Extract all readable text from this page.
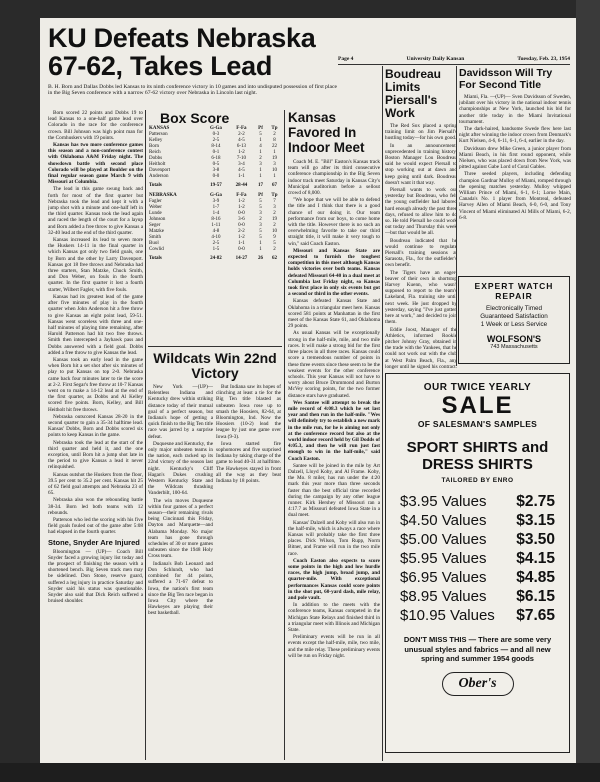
KU Defeats Nebraska 67-62, Takes Lead
B. H. Born and Dallas Dobbs led Kansas to its ninth conference victory in 10 games and into undisputed possession of first place in the Big Seven conference with a narrow 67-62 victory over Nebraska in Lincoln last night.

Born scored 22 points and Dobbs 19 to lead Kansas to a one-half game lead over Colorado in the race for the conference crown. Bill Johnson was high point man for the Cornhuskers with 19 points.

Kansas has two more conference games this season and a non-conference contest with Oklahoma A&M Friday night. The showdown battle with second place Colorado will be played at Boulder on the final regular season game March 9 with Missouri at Columbia.

The lead in this game swung back and forth for most of the first quarter but Nebraska took the lead and kept it with a jump shot with a minute and one-half left in the third quarter. Kansas took the lead again and raced the length of the court for a layup and Born added a free throw to give Kansas a 32-40 lead at the end of the third quarter.

Kansas increased its lead to seven more the Huskers 14-11 in the final quarter in which Kansas got only two field goals, one by Born and the other by Larry Davenport. Kansas got 18 free throws and Nebraska had three starters, Stan Matzke, Chuck Smith, and Don Weber, on fouls in the fourth quarter. In the first quarter it lost a fourth starter, Wilbert Fagler, with five fouls.

Kansas had its greatest lead of the game after five minutes of play in the fourth quarter when John Anderson hit a free throw to give Kansas an eight point lead, 59-51. Kansas went scoreless with three and one-half minutes of playing time remaining, after Harold Patterson had hit two free throws. Smith then intercepted a Jayhawk pass and Dobbs answered with a field goal. Dobbs added a free throw to give Kansas the lead.

Kansas took an early lead in the game when Born hit a set shot after six minutes of play to put Kansas on top 2-0. Nebraska came back four minutes later to tie the score at 2-2. First Segar's free throw at 10-7 Kansas went on to make a 14-12 lead at the end of the first quarter, as Dobbs and Al Kelley scored five points. Born, Kelley, and Bill Heitholt hit free throws.

Nebraska outscored Kansas 28-20 in the second quarter to gain a 35-34 halftime lead. Kansas' Dobbs, Born and Dobbs scored six points to keep Kansas in the game.

Nebraska took the lead at the start of the third quarter and held it, and the one exception, until Born hit a jump shot late in the period to give Kansas a lead it never relinquished.

Kansas outshot the Huskers from the floor, 39.5 per cent to 35.2 per cent. Kansas hit 25 of 62 field goal attempts and Nebraska 23 of 65.

Nebraska also won the rebounding battle 38-34. Born led both teams with 12 rebounds.

Patterson who led the scoring with his five field goals fouled out of the game after 5:08 had elapsed in the fourth quarter.

Stone, Snyder Are Injured

Bloomington — (UP)— Coach Bill Snyder faced a growing injury list today and the prospect of finishing the season with a shortened bench. Big Seven track men may be sidelined. Don Stone, reserve guard, suffered a leg injury in practice Saturday and Snyder said his status was questionable. Snyder also said that Dick Reich suffered a bruised shoulder.

Box Score
KANSAS	G-Ga	F-Fa	Pf	Tp
Patterson	0-3	2-2	5	2
Kelley	2-5	4-5	1	8
Born	8-14	6-13	4	22
Reich	0-1	1-2	1	1
Dobbs	6-18	7-10	2	19
Heitholt	0-5	3-4	3	3
Davenport	3-8	4-5	1	10
Anderson	0-0	1-1	1	1
Totals	19-57	28-44	17	67
NEBRASKA	G-Ga	F-Fa	Pf	Tp
Fagler	3-9	1-2	5	7
Weber	1-7	1-2	5	3
Lunde	1-4	0-0	3	2
Johnson	8-16	3-6	2	19
Seger	1-11	0-0	3	2
Matzke	4-8	2-2	5	10
Smith	4-10	1-2	5	9
Buol	2-5	1-1	1	5
Cowlid	1-5	0-0	1	2
Totals	24-82	14-27	26	62
Wildcats Win 22nd Victory

New York —(UP)— Relentless Indiana and Kentucky drew within striking distance today of their mutual goal of a perfect season, but Indiana's hope of getting a quick finish to the Big Ten title race was jarred by a surprise defeat.

Duquesne and Kentucky, the only major unbeaten teams in the nation, each racked up its 22nd victory of the season last night. Kentucky's Cliff Hagan's Dukes crushing Western Kentucky State and the Wildcats thrashing Vanderbilt, 100-64.

The win moves Duquesne within four games of a perfect season—their remaining rivals being Cincinnati this Friday, Dayton and Marquette—and Alabama Monday. No major team has gone through schedules of 30 or more games unbeaten since the 1948 Holy Cross team.

Indiana's Bob Leonard and Don Schlundt, who had combined for 44 points, suffered a 71-67 defeat to Iowa, the nation's first team since the Big Ten race began in Iowa City where the Hawkeyes are playing their best basketball.

But Indiana saw its hopes of clinching at least a tie for the Big Ten title blasted as unbeaten Iowa rose up to smash the Hoosiers, 82-64, at Bloomington, Ind. Now the Hoosiers (10-2) lead the league by just one game over Iowa (9-3).

Iowa started fire sophomores and five surprised Indiana by taking charge of the game to lead 40-31 at halftime. The Hawkeyes stayed in front all the way as they beat Indiana by 18 points.

Kansas Favored In Indoor Meet

Coach M. E. "Bill" Easton's Kansas track team will go after its third consecutive conference championship in the Big Seven indoor track meet Saturday in Kansas City's Municipal auditorium before a sellout crowd of 8,000.

"We hope that we will be able to defend the title and I think that there is a good chance of our doing it. Our team performance from our boys, to come home with the title. However there is no such an overwhelming favorite to take our third straight title, it will make it very tough to win," said Coach Easton.

Missouri and Kansas State are expected to furnish the toughest competition in this meet although Kansas holds victories over both teams. Kansas defeated Missouri 64-40 in a dual meet at Columbia last Friday night, so Kansas took first place in only six events but got a second or third in the other events.

Kansas defeated Kansas State and Oklahoma in a triangular meet here. Kansas scored 581 points at Manhattan in the first meet of the Kansas State 61, and Oklahoma 29 points.

As usual Kansas will be exceptionally strong in the half-mile, mile, and two mile races. It will make a strong bid for the first three places in all three races. Kansas could score a tremendous number of points in these three events since these seem to be the weakest events for the other conference schools. This year Kansas will not have to worry about Bruce Drummond and Burton McVey scoring points, for the two former distance stars have graduated.

Wes Santee will attempt to break the mile record of 4:08.3 which he set last year and then run in the half-mile. "Wes will definitely try to establish a new mark in the mile run, for he is aiming not only at the conference record but also at the world indoor record held by Gil Dodds of 4:05.3, and then he will run just fast enough to win in the half-mile," said Coach Easton.

Santee will be joined in the mile by Art Dalzell, Lloyd Koby, and Al Frame. Koby, the Mo. 8 miler, has run under the 4:20 mark this year more than three seconds faster than the best official time recorded during the campaign by any other league runner. Kirk Hershey of Missouri ran a 4:17.7 as Missouri defeated Iowa State in a dual meet.

Kansas' Dalzell and Koby will also run in the half-mile, which is always a race where Kansas will probably take the first three places. Dick Wilson, Tom Rupp, Norm Bitner, and Frame will run in the two mile race.

Coach Easton also expects to score some points in the high and low hurdle races, the high jump, broad jump, and quarter-mile. With exceptional performances Kansas could score points in the shot put, 60-yard dash, mile relay, and pole vault.

In addition to the meets with the conference teams, Kansas competed in the Michigan State Relays and finished third in a triangular meet with Illinois and Michigan State.

Preliminary events will be run in all events except the half-mile, mile, two mile, and the mile relay. These preliminary events will be run on Friday night.

Page 4	University Daily Kansan	Tuesday, Feb. 23, 1954
Boudreau Limits Piersall's Work

The Red Sox placed a spring training limit on Jim Piersall's hustling today—for his own good.

In an announcement, unprecedented in training history, Boston Manager Lou Boudreau said he would expect Piersall to stop working out at dawn and keep going until dark. Boudreau doesn't want it that way.

Piersall wants to work out yesterday but Boudreau, who felt the young outfielder had labored hard enough already the past three days, refused to allow him to do so. He told Piersall he could work out today and Thursday this week—but that would be all.

Boudreau indicated that he would continue to regulate Piersall's training sessions at Sarasota, Fla., for the outfielder's own benefit.

The Tigers have an eager-beaver of their own in shortstop Harvey Kuenn, who wasn't supposed to report to the team's Lakeland, Fla. training site until next week. He just dropped by yesterday, saying "I've just gotten here at work," and decided to join them.

Eddie Joost, Manager of the Athletics, informed Rookie pitcher Johnny Gray, obtained in the trade with the Yankees, that he could not work out with the club at West Palm Beach, Fla., any longer until he signed his contract.

Davidsson Will Try For Second Title

Miami, Fla. —(UP)— Sven Davidsson of Sweden, jubilant over his victory in the national indoor tennis championships at New York, launched his bid for another title today in the Miami Invitational tournament.

The dark-haired, handsome Swede flew here last night after winning the indoor crown from Denmark's Kurt Nielsen, 4-6, 6-11, 6-1, 6-4, earlier in the day.

Davidsson drew Mike Green, a junior player from Miami Beach, in his first round opponent, while Nielsen, who was placed down from New York, was pitted against Gabe Lord of Coral Gables.

Three seeded players, including defending champion Gardnar Mulloy of Miami, romped through the opening matches yesterday. Mulloy whipped William Prince of Miami, 6-1, 6-1; Lorne Main, Canada's No. 1 player from Montreal, defeated Harvey Allen of Miami Beach, 6-0, 6-0, and Tony Vincent of Miami eliminated Al Mills of Miami, 6-2, 6-8.

EXPERT WATCH REPAIR
Electronically Timed
Guaranteed Satisfaction
1 Week or Less Service
WOLFSON'S
743 Massachusetts
OUR TWICE YEARLY
SALE
OF SALESMAN'S SAMPLES
SPORT SHIRTS and DRESS SHIRTS
TAILORED BY ENRO
$3.95 Values $2.75
$4.50 Values $3.15
$5.00 Values $3.50
$5.95 Values $4.15
$6.95 Values $4.85
$8.95 Values $6.15
$10.95 Values $7.65
DON'T MISS THIS — There are some very unusual styles and fabrics — and all new spring and summer 1954 goods
Ober's
